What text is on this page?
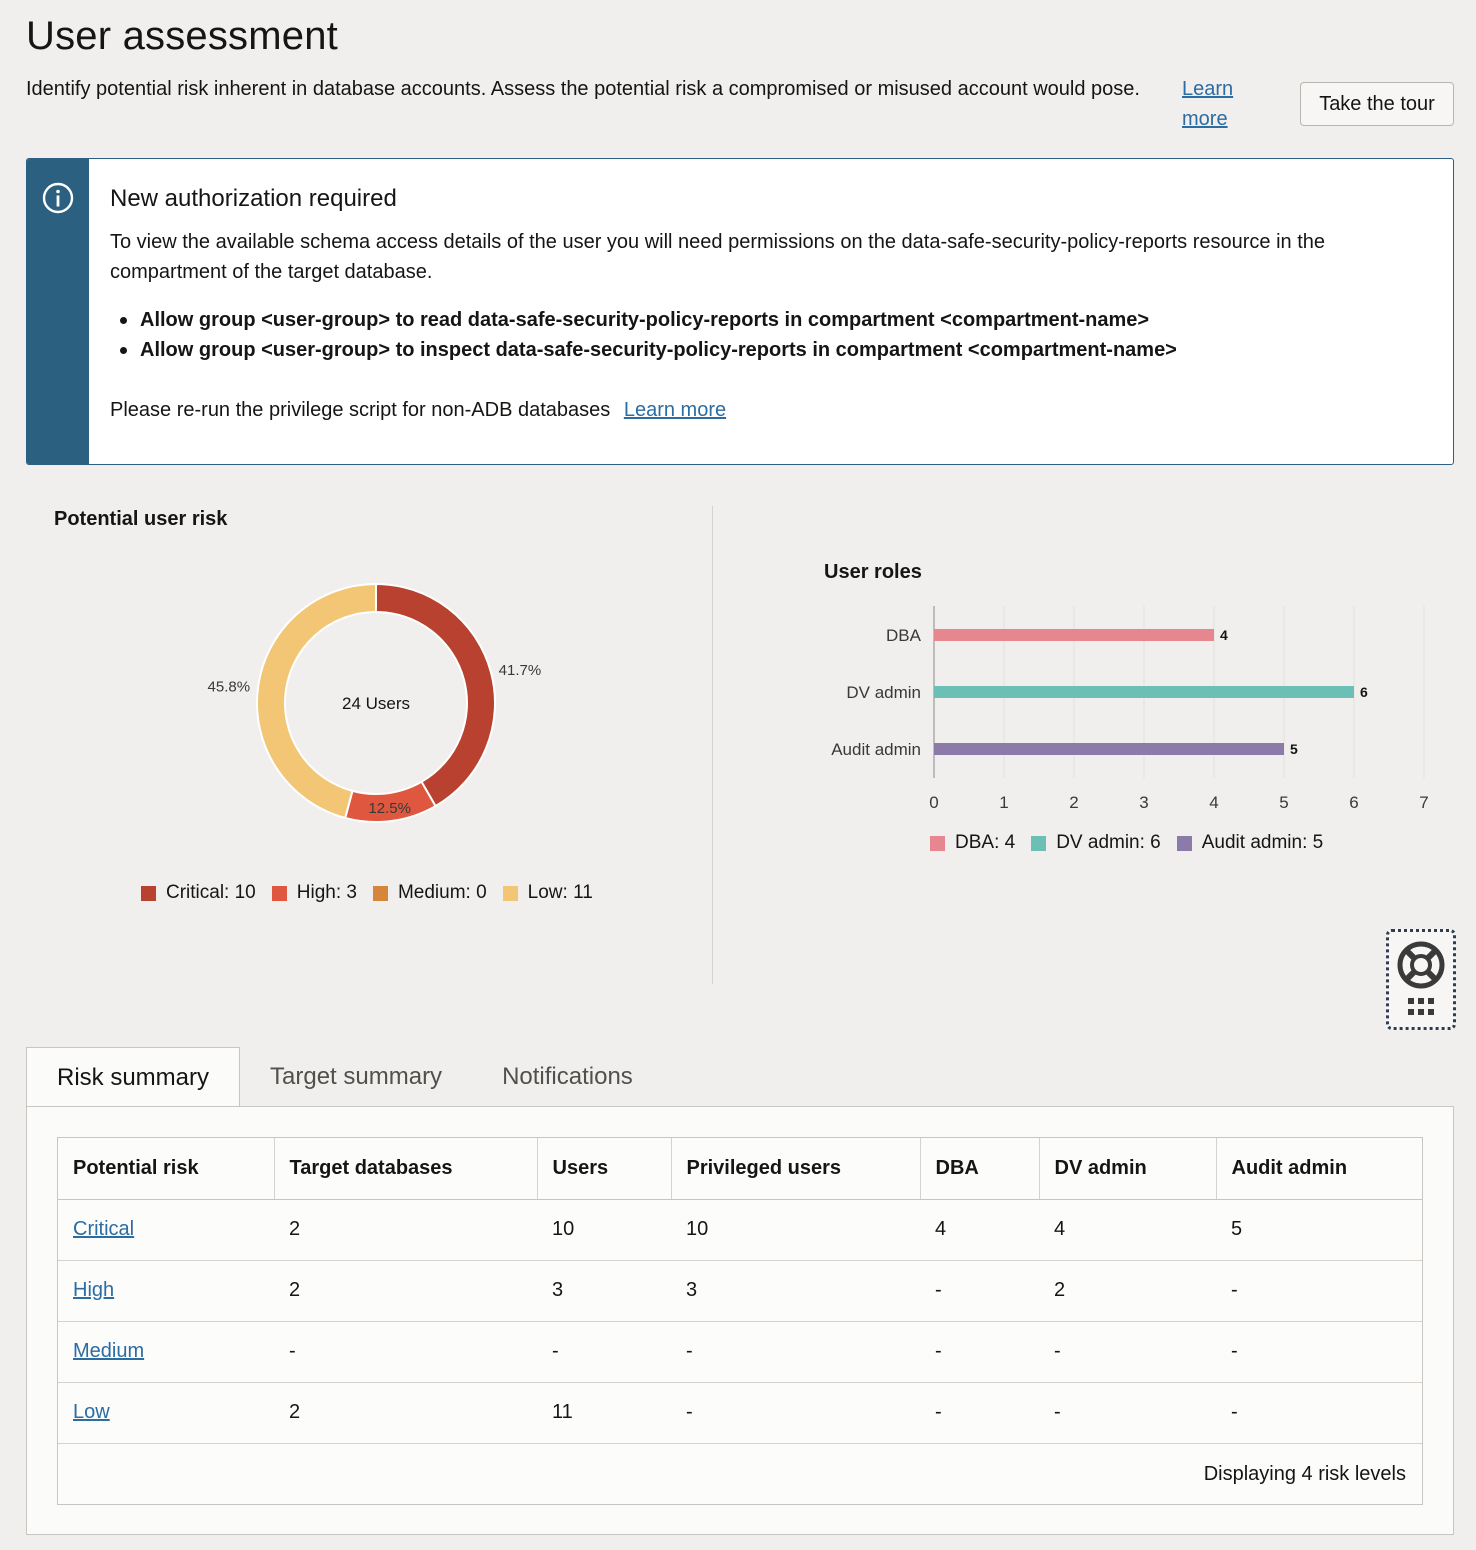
User assessment

Identify potential risk inherent in database accounts. Assess the potential risk a compromised or misused account would pose.	Learn more
Take the tour
New authorization required
To view the available schema access details of the user you will need permissions on the data-safe-security-policy-reports resource in the compartment of the target database.
Allow group <user-group> to read data-safe-security-policy-reports in compartment <compartment-name>
Allow group <user-group> to inspect data-safe-security-policy-reports in compartment <compartment-name>
Please re-run the privilege script for non-ADB databases Learn more
Potential user risk
41.7%
12.5%
45.8%
24 Users
Critical: 10 High: 3 Medium: 0 Low: 11
User roles
0	1	2	3	4	5	6	7
DBA	4
DV admin	6
Audit admin	5
DBA: 4 DV admin: 6 Audit admin: 5
Risk summary	Target summary	Notifications
Potential risk	Target databases	Users	Privileged users	DBA	DV admin	Audit admin
Critical	2	10	10	4	4	5
High	2	3	3	-	2	-
Medium	-	-	-	-	-	-
Low	2	11	-	-	-	-
Displaying 4 risk levels
